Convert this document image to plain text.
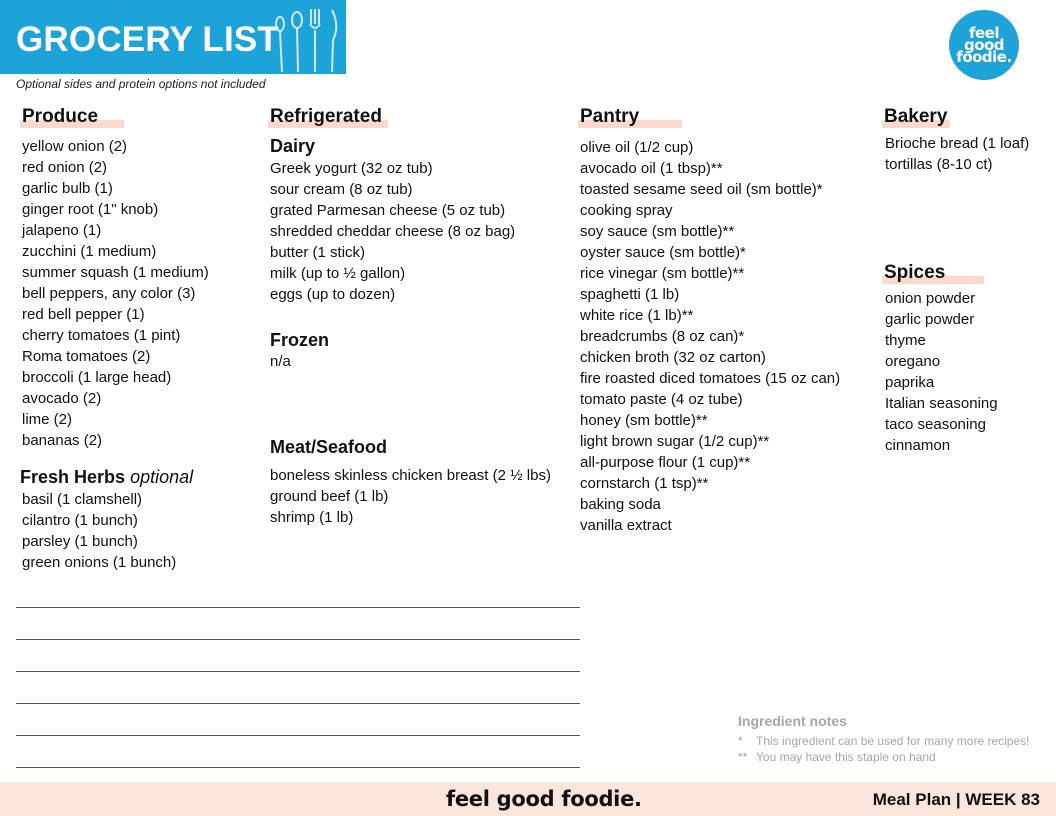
GROCERY LIST
Optional sides and protein options not included
feel good foodie.
Produce
yellow onion (2)
red onion (2)
garlic bulb (1)
ginger root (1" knob)
jalapeno (1)
zucchini (1 medium)
summer squash (1 medium)
bell peppers, any color (3)
red bell pepper (1)
cherry tomatoes (1 pint)
Roma tomatoes (2)
broccoli (1 large head)
avocado (2)
lime (2)
bananas (2)
Fresh Herbs optional
basil (1 clamshell)
cilantro (1 bunch)
parsley (1 bunch)
green onions (1 bunch)
Refrigerated
Dairy
Greek yogurt (32 oz tub)
sour cream (8 oz tub)
grated Parmesan cheese (5 oz tub)
shredded cheddar cheese (8 oz bag)
butter (1 stick)
milk (up to ½ gallon)
eggs (up to dozen)
Frozen
n/a
Meat/Seafood
boneless skinless chicken breast (2 ½ lbs)
ground beef (1 lb)
shrimp (1 lb)
Pantry
olive oil (1/2 cup)
avocado oil (1 tbsp)**
toasted sesame seed oil (sm bottle)*
cooking spray
soy sauce (sm bottle)**
oyster sauce (sm bottle)*
rice vinegar (sm bottle)**
spaghetti (1 lb)
white rice (1 lb)**
breadcrumbs (8 oz can)*
chicken broth (32 oz carton)
fire roasted diced tomatoes (15 oz can)
tomato paste (4 oz tube)
honey (sm bottle)**
light brown sugar (1/2 cup)**
all-purpose flour (1 cup)**
cornstarch (1 tsp)**
baking soda
vanilla extract
Bakery
Brioche bread (1 loaf)
tortillas (8-10 ct)
Spices
onion powder
garlic powder
thyme
oregano
paprika
Italian seasoning
taco seasoning
cinnamon
Ingredient notes
* This ingredient can be used for many more recipes!
** You may have this staple on hand
feel good foodie.	Meal Plan | WEEK 83
